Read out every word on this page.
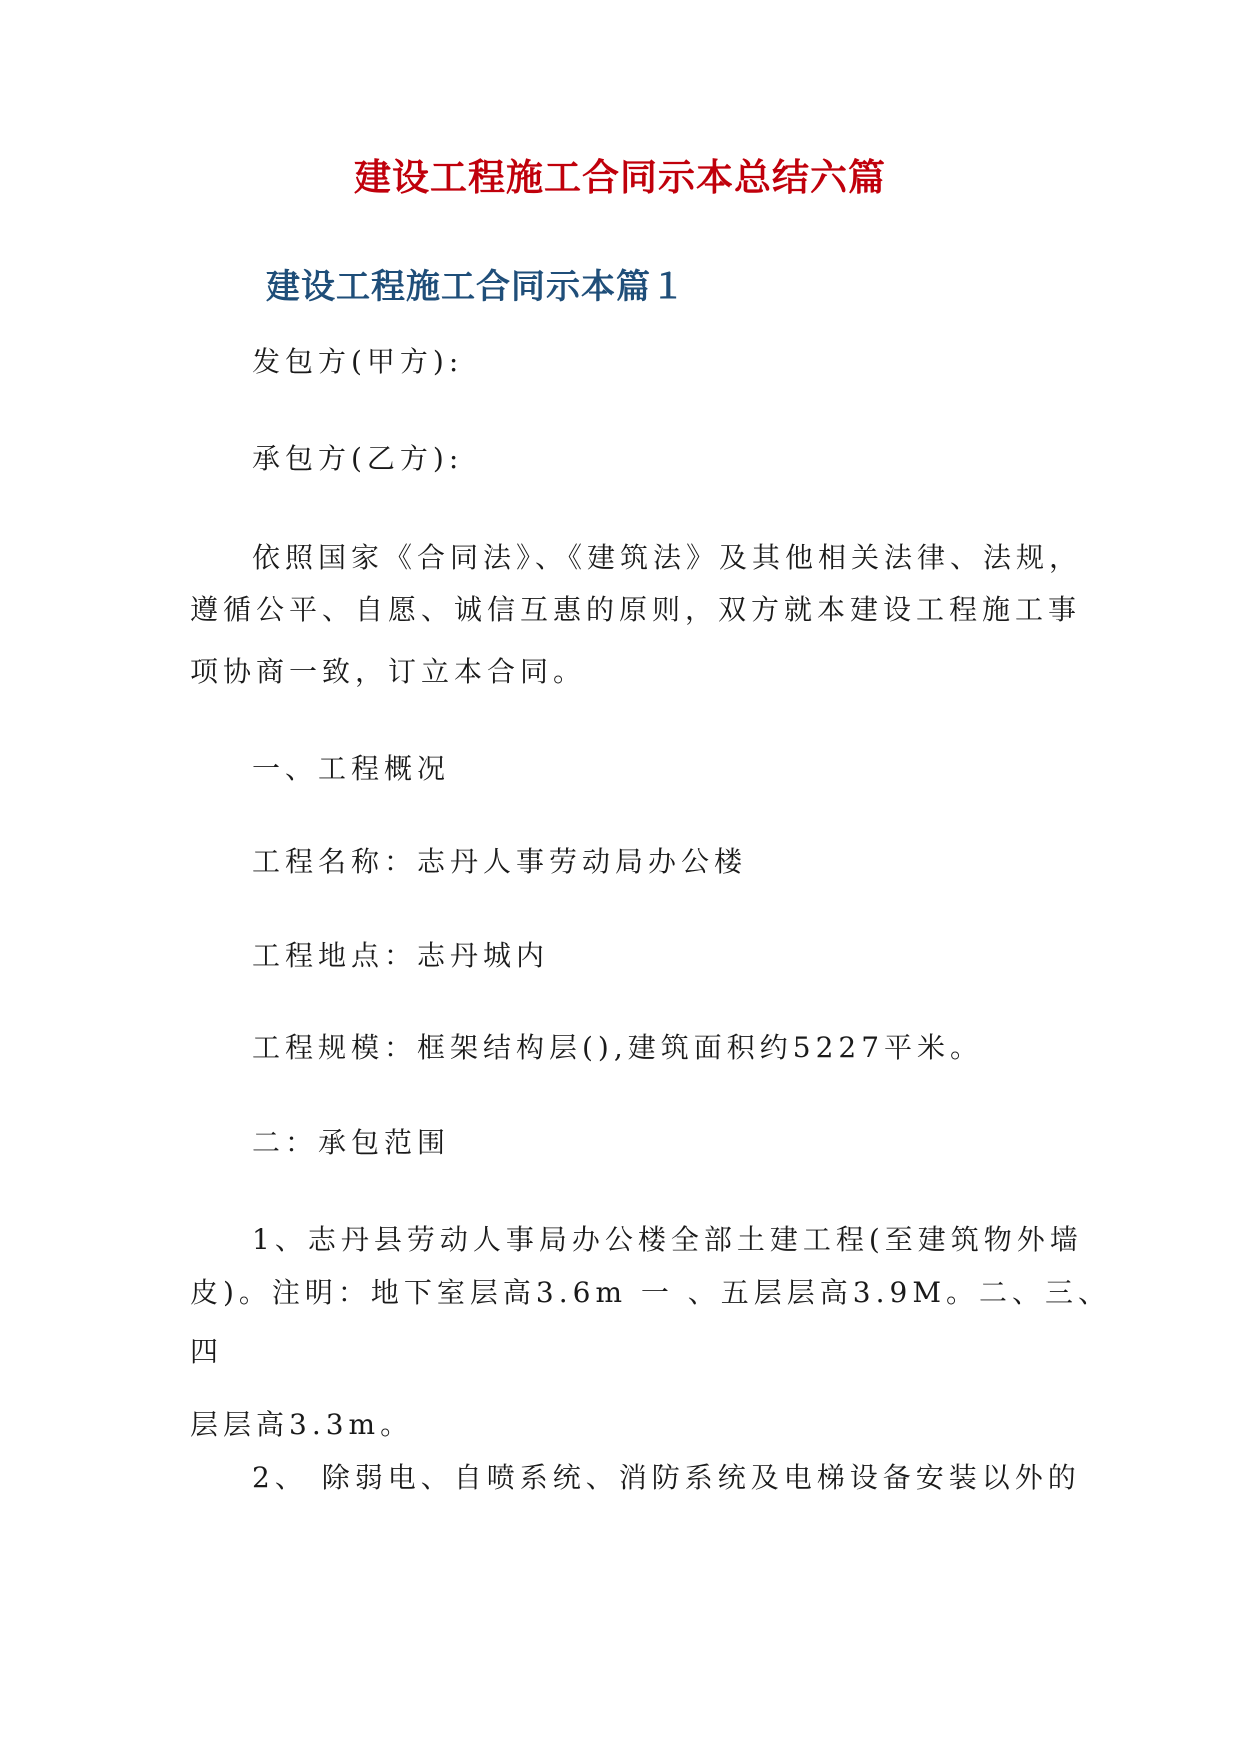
建设工程施工合同示本总结六篇
建设工程施工合同示本篇１
发包方(甲方):
承包方(乙方):
依照国家《合同法》、《建筑法》及其他相关法律、法规，
遵循公平、自愿、诚信互惠的原则，双方就本建设工程施工事
项协商一致，订立本合同。
一、工程概况
工程名称：志丹人事劳动局办公楼
工程地点：志丹城内
工程规模：框架结构层(),建筑面积约5227平米。
二：承包范围
1、志丹县劳动人事局办公楼全部土建工程(至建筑物外墙
皮)。注明：地下室层高3.6m 一 、五层层高3.9M。二、三、
四
层层高3.3m。
2、 除弱电、自喷系统、消防系统及电梯设备安装以外的
